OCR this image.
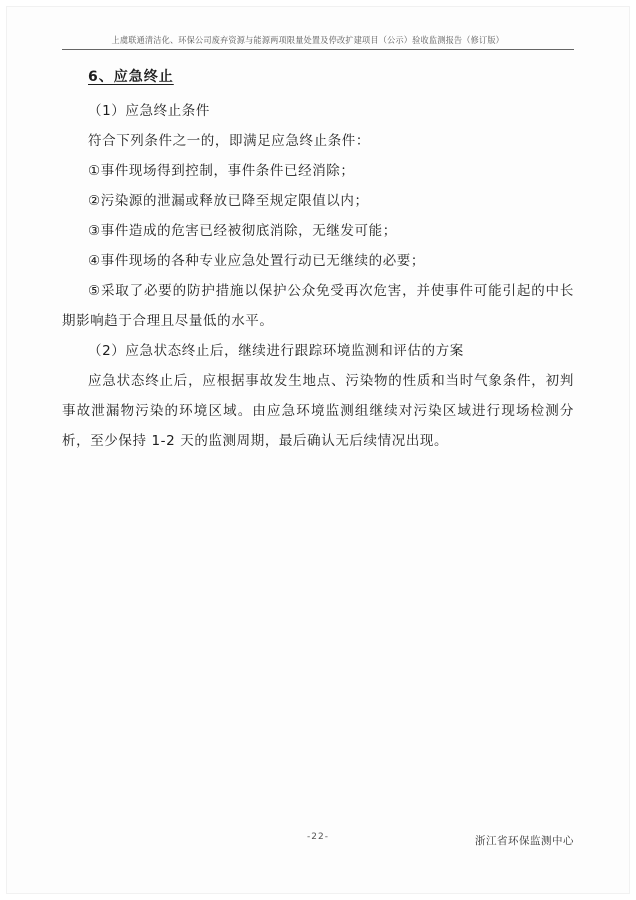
上虞联通清洁化、环保公司废弃资源与能源两项限量处置及停改扩建项目（公示）验收监测报告（修订版）
6、应急终止

（1）应急终止条件

符合下列条件之一的，即满足应急终止条件：

①事件现场得到控制，事件条件已经消除；

②污染源的泄漏或释放已降至规定限值以内；

③事件造成的危害已经被彻底消除，无继发可能；

④事件现场的各种专业应急处置行动已无继续的必要；

⑤采取了必要的防护措施以保护公众免受再次危害，并使事件可能引起的中长期影响趋于合理且尽量低的水平。

（2）应急状态终止后，继续进行跟踪环境监测和评估的方案

应急状态终止后，应根据事故发生地点、污染物的性质和当时气象条件，初判事故泄漏物污染的环境区域。由应急环境监测组继续对污染区域进行现场检测分析，至少保持 1-2 天的监测周期，最后确认无后续情况出现。

-22-	浙江省环保监测中心
